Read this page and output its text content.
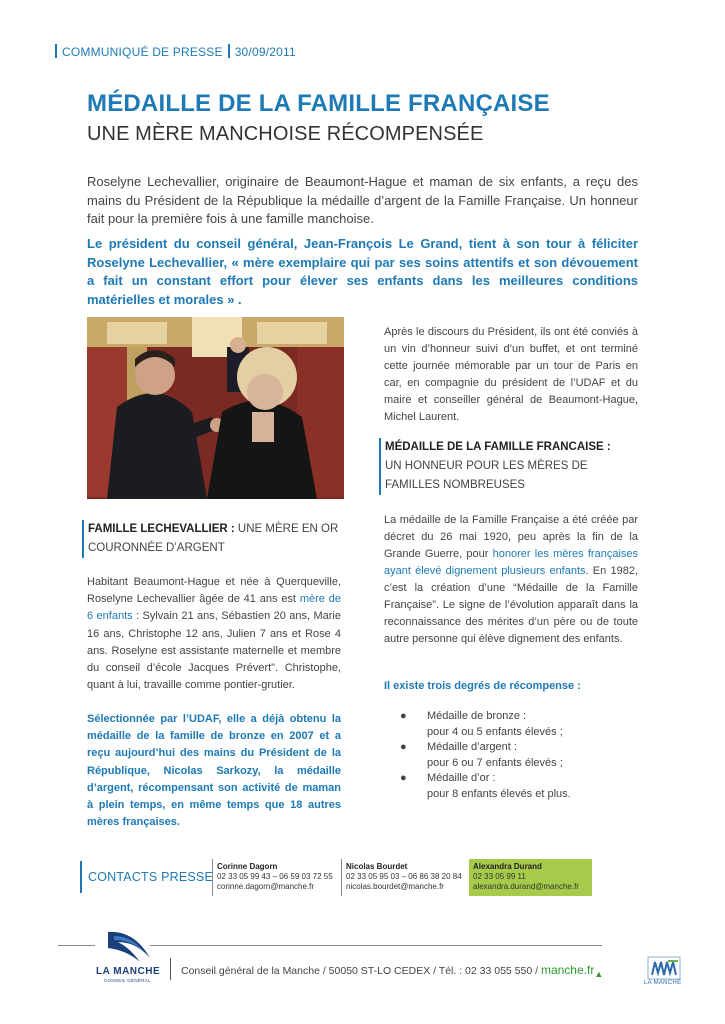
COMMUNIQUÉ DE PRESSE 30/09/2011
MÉDAILLE DE LA FAMILLE FRANÇAISE
UNE MÈRE MANCHOISE RÉCOMPENSÉE
Roselyne Lechevallier, originaire de Beaumont-Hague et maman de six enfants, a reçu des mains du Président de la République la médaille d’argent de la Famille Française. Un honneur fait pour la première fois à une famille manchoise.
Le président du conseil général, Jean-François Le Grand, tient à son tour à féliciter Roselyne Lechevallier, « mère exemplaire qui par ses soins attentifs et son dévouement a fait un constant effort pour élever ses enfants dans les meilleures conditions matérielles et morales » .
Après le discours du Président, ils ont été conviés à un vin d’honneur suivi d’un buffet, et ont terminé cette journée mémorable par un tour de Paris en car, en compagnie du président de l’UDAF et du maire et conseiller général de Beaumont-Hague, Michel Laurent.
MÉDAILLE DE LA FAMILLE FRANCAISE :
UN HONNEUR POUR LES MÈRES DE FAMILLES NOMBREUSES
La médaille de la Famille Française a été créée par décret du 26 mai 1920, peu après la fin de la Grande Guerre, pour honorer les mères françaises ayant élevé dignement plusieurs enfants. En 1982, c’est la création d’une “Médaille de la Famille Française”. Le signe de l’évolution apparaît dans la reconnaissance des mérites d’un père ou de toute autre personne qui élève dignement des enfants.
Il existe trois degrés de récompense :
●	Médaille de bronze :
pour 4 ou 5 enfants élevés ;
●	Médaille d’argent :
pour 6 ou 7 enfants élevés ;
●	Médaille d’or :
pour 8 enfants élevés et plus.
FAMILLE LECHEVALLIER : UNE MÈRE EN OR COURONNÉE D’ARGENT
Habitant Beaumont-Hague et née à Querqueville, Roselyne Lechevallier âgée de 41 ans est mère de 6 enfants : Sylvain 21 ans, Sébastien 20 ans, Marie 16 ans, Christophe 12 ans, Julien 7 ans et Rose 4 ans. Roselyne est assistante maternelle et membre du conseil d’école Jacques Prévert". Christophe, quant à lui, travaille comme pontier-grutier.
Sélectionnée par l’UDAF, elle a déjà obtenu la médaille de la famille de bronze en 2007 et a reçu aujourd’hui des mains du Président de la République, Nicolas Sarkozy, la médaille d’argent, récompensant son activité de maman à plein temps, en même temps que 18 autres mères françaises.
CONTACTS PRESSE
Corinne Dagorn
02 33 05 99 43 – 06 59 03 72 55
corinne.dagorn@manche.fr
Nicolas Bourdet
02 33 05 95 03 – 06 86 38 20 84
nicolas.bourdet@manche.fr
Alexandra Durand
02 33 05 99 11
alexandra.durand@manche.fr
LA MANCHE
CONSEIL GÉNÉRAL
Conseil général de la Manche / 50050 ST-LO CEDEX / Tél. : 02 33 055 550 / manche.fr▲
LA MANCHE
